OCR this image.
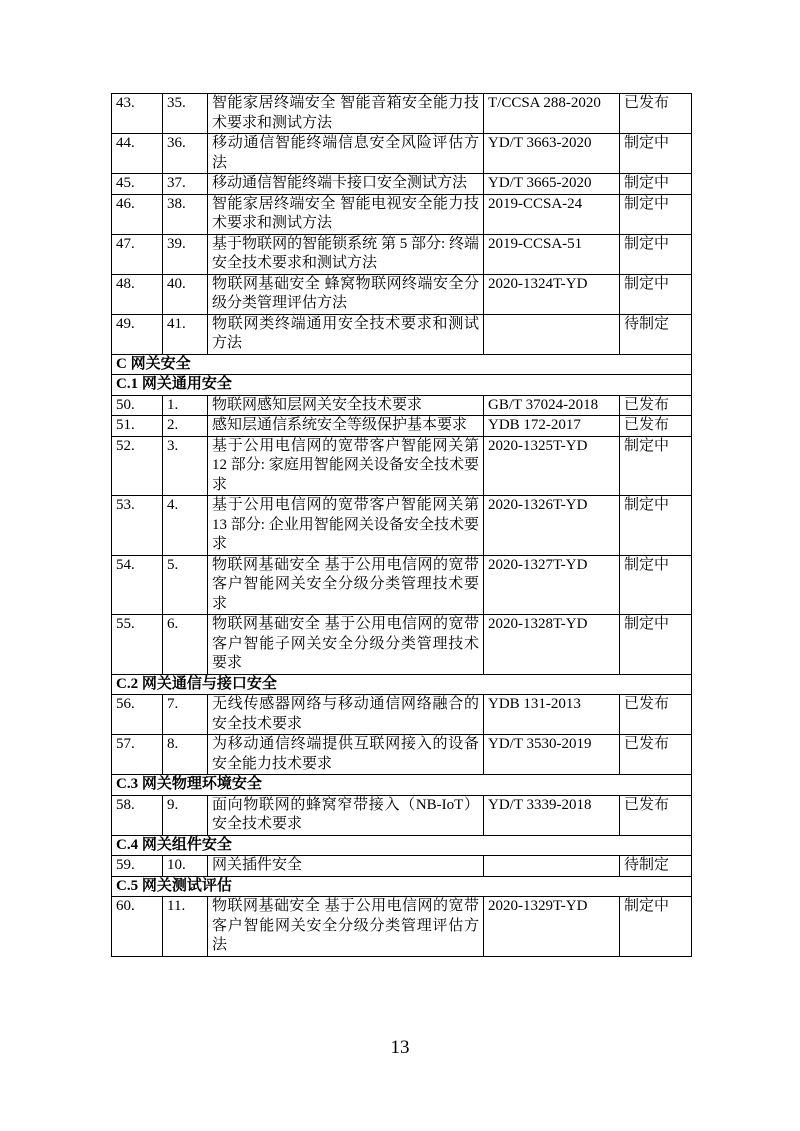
43.	35.	智能家居终端安全 智能音箱安全能力技术要求和测试方法	T/CCSA 288-2020	已发布
44.	36.	移动通信智能终端信息安全风险评估方法	YD/T 3663-2020	制定中
45.	37.	移动通信智能终端卡接口安全测试方法	YD/T 3665-2020	制定中
46.	38.	智能家居终端安全 智能电视安全能力技术要求和测试方法	2019-CCSA-24	制定中
47.	39.	基于物联网的智能锁系统 第 5 部分: 终端安全技术要求和测试方法	2019-CCSA-51	制定中
48.	40.	物联网基础安全 蜂窝物联网终端安全分级分类管理评估方法	2020-1324T-YD	制定中
49.	41.	物联网类终端通用安全技术要求和测试方法		待制定
C 网关安全				
C.1 网关通用安全				
50.	1.	物联网感知层网关安全技术要求	GB/T 37024-2018	已发布
51.	2.	感知层通信系统安全等级保护基本要求	YDB 172-2017	已发布
52.	3.	基于公用电信网的宽带客户智能网关第 12 部分: 家庭用智能网关设备安全技术要求	2020-1325T-YD	制定中
53.	4.	基于公用电信网的宽带客户智能网关第 13 部分: 企业用智能网关设备安全技术要求	2020-1326T-YD	制定中
54.	5.	物联网基础安全 基于公用电信网的宽带客户智能网关安全分级分类管理技术要求	2020-1327T-YD	制定中
55.	6.	物联网基础安全 基于公用电信网的宽带客户智能子网关安全分级分类管理技术要求	2020-1328T-YD	制定中
C.2 网关通信与接口安全				
56.	7.	无线传感器网络与移动通信网络融合的安全技术要求	YDB 131-2013	已发布
57.	8.	为移动通信终端提供互联网接入的设备安全能力技术要求	YD/T 3530-2019	已发布
C.3 网关物理环境安全				
58.	9.	面向物联网的蜂窝窄带接入（NB-IoT） 安全技术要求	YD/T 3339-2018	已发布
C.4 网关组件安全				
59.	10.	网关插件安全		待制定
C.5 网关测试评估				
60.	11.	物联网基础安全 基于公用电信网的宽带客户智能网关安全分级分类管理评估方法	2020-1329T-YD	制定中
13
